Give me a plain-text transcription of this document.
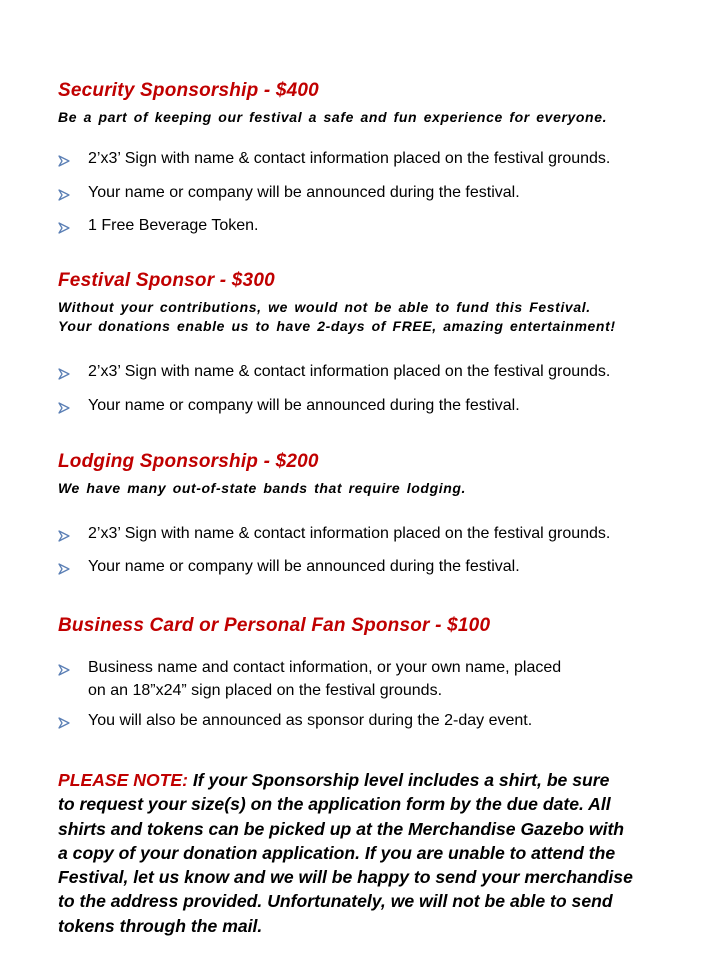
Security Sponsorship - $400

Be a part of keeping our festival a safe and fun experience for everyone.

2’x3’ Sign with name & contact information placed on the festival grounds.
Your name or company will be announced during the festival.
1 Free Beverage Token.
Festival Sponsor - $300

Without your contributions, we would not be able to fund this Festival.
Your donations enable us to have 2-days of FREE, amazing entertainment!

2’x3’ Sign with name & contact information placed on the festival grounds.
Your name or company will be announced during the festival.
Lodging Sponsorship - $200

We have many out-of-state bands that require lodging.

2’x3’ Sign with name & contact information placed on the festival grounds.
Your name or company will be announced during the festival.
Business Card or Personal Fan Sponsor - $100
Business name and contact information, or your own name, placed
on an 18”x24” sign placed on the festival grounds.
You will also be announced as sponsor during the 2-day event.
PLEASE NOTE: If your Sponsorship level includes a shirt, be sure
to request your size(s) on the application form by the due date. All
shirts and tokens can be picked up at the Merchandise Gazebo with
a copy of your donation application. If you are unable to attend the
Festival, let us know and we will be happy to send your merchandise
to the address provided. Unfortunately, we will not be able to send
tokens through the mail.
